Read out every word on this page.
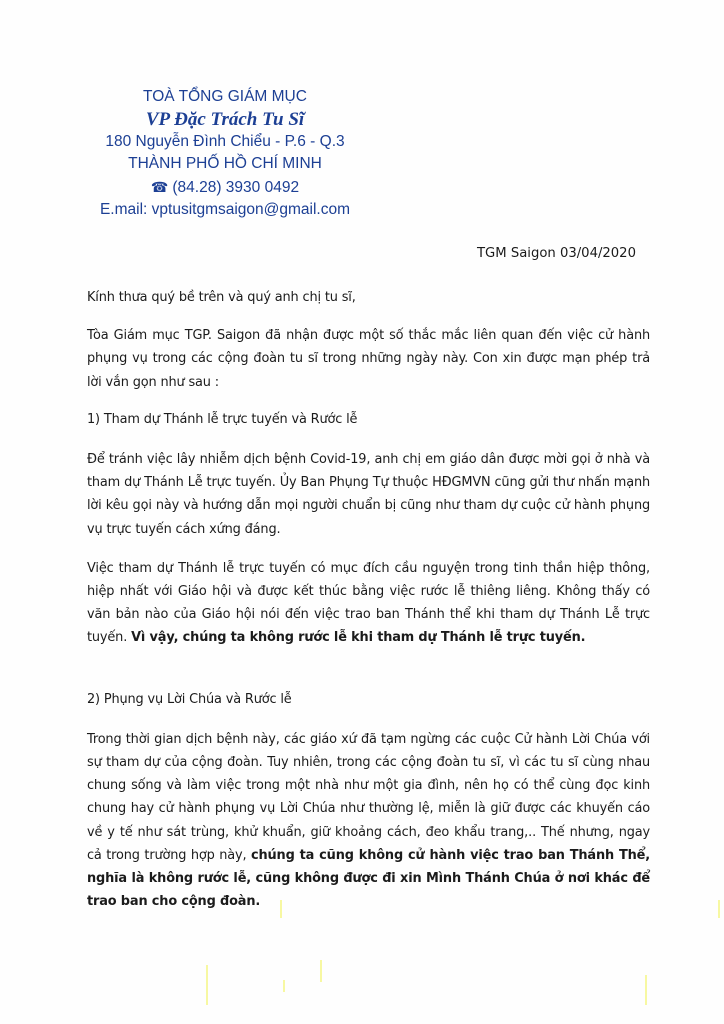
TOÀ TỔNG GIÁM MỤC
VP Đặc Trách Tu Sĩ
180 Nguyễn Đình Chiểu - P.6 - Q.3
THÀNH PHỐ HỒ CHÍ MINH
☎ (84.28) 3930 0492
E.mail: vptusitgmsaigon@gmail.com
TGM Saigon 03/04/2020

Kính thưa quý bề trên và quý anh chị tu sĩ,

Tòa Giám mục TGP. Saigon đã nhận được một số thắc mắc liên quan đến việc cử hành phụng vụ trong các cộng đoàn tu sĩ trong những ngày này. Con xin được mạn phép trả lời vắn gọn như sau :

1) Tham dự Thánh lễ trực tuyến và Rước lễ

Để tránh việc lây nhiễm dịch bệnh Covid-19, anh chị em giáo dân được mời gọi ở nhà và tham dự Thánh Lễ trực tuyến. Ủy Ban Phụng Tự thuộc HĐGMVN cũng gửi thư nhấn mạnh lời kêu gọi này và hướng dẫn mọi người chuẩn bị cũng như tham dự cuộc cử hành phụng vụ trực tuyến cách xứng đáng.

Việc tham dự Thánh lễ trực tuyến có mục đích cầu nguyện trong tinh thần hiệp thông, hiệp nhất với Giáo hội và được kết thúc bằng việc rước lễ thiêng liêng. Không thấy có văn bản nào của Giáo hội nói đến việc trao ban Thánh thể khi tham dự Thánh Lễ trực tuyến. Vì vậy, chúng ta không rước lễ khi tham dự Thánh lễ trực tuyến.

2) Phụng vụ Lời Chúa và Rước lễ

Trong thời gian dịch bệnh này, các giáo xứ đã tạm ngừng các cuộc Cử hành Lời Chúa với sự tham dự của cộng đoàn. Tuy nhiên, trong các cộng đoàn tu sĩ, vì các tu sĩ cùng nhau chung sống và làm việc trong một nhà như một gia đình, nên họ có thể cùng đọc kinh chung hay cử hành phụng vụ Lời Chúa như thường lệ, miễn là giữ được các khuyến cáo về y tế như sát trùng, khử khuẩn, giữ khoảng cách, đeo khẩu trang,.. Thế nhưng, ngay cả trong trường hợp này, chúng ta cũng không cử hành việc trao ban Thánh Thể, nghĩa là không rước lễ, cũng không được đi xin Mình Thánh Chúa ở nơi khác để trao ban cho cộng đoàn.
